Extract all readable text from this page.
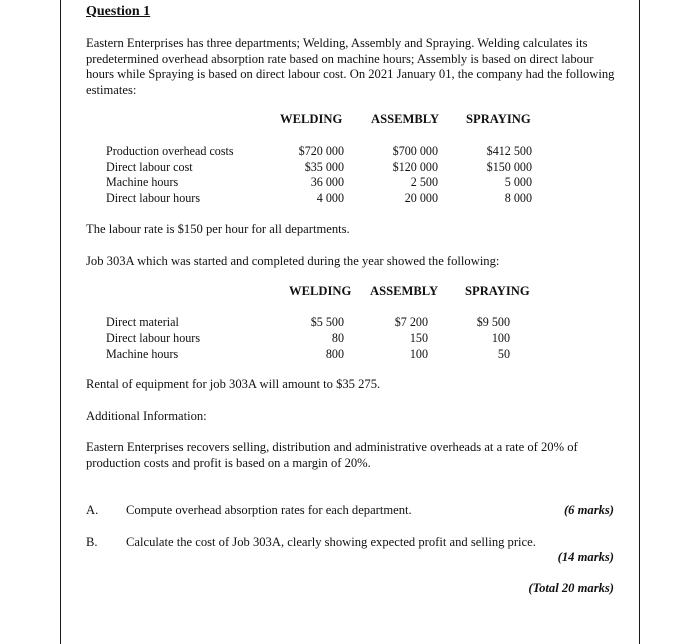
Question 1
Eastern Enterprises has three departments; Welding, Assembly and Spraying. Welding calculates its predetermined overhead absorption rate based on machine hours; Assembly is based on direct labour hours while Spraying is based on direct labour cost. On 2021 January 01, the company had the following estimates:
WELDING ASSEMBLY SPRAYING
Production overhead costs	$720 000	$700 000	$412 500
Direct labour cost	$35 000	$120 000	$150 000
Machine hours	36 000	2 500	5 000
Direct labour hours	4 000	20 000	8 000
The labour rate is $150 per hour for all departments.
Job 303A which was started and completed during the year showed the following:
WELDING ASSEMBLY SPRAYING
Direct material	$5 500	$7 200	$9 500
Direct labour hours	80	150	100
Machine hours	800	100	50
Rental of equipment for job 303A will amount to $35 275.
Additional Information:
Eastern Enterprises recovers selling, distribution and administrative overheads at a rate of 20% of production costs and profit is based on a margin of 20%.
A. Compute overhead absorption rates for each department.	(6 marks)
B. Calculate the cost of Job 303A, clearly showing expected profit and selling price.
(14 marks)
(Total 20 marks)
